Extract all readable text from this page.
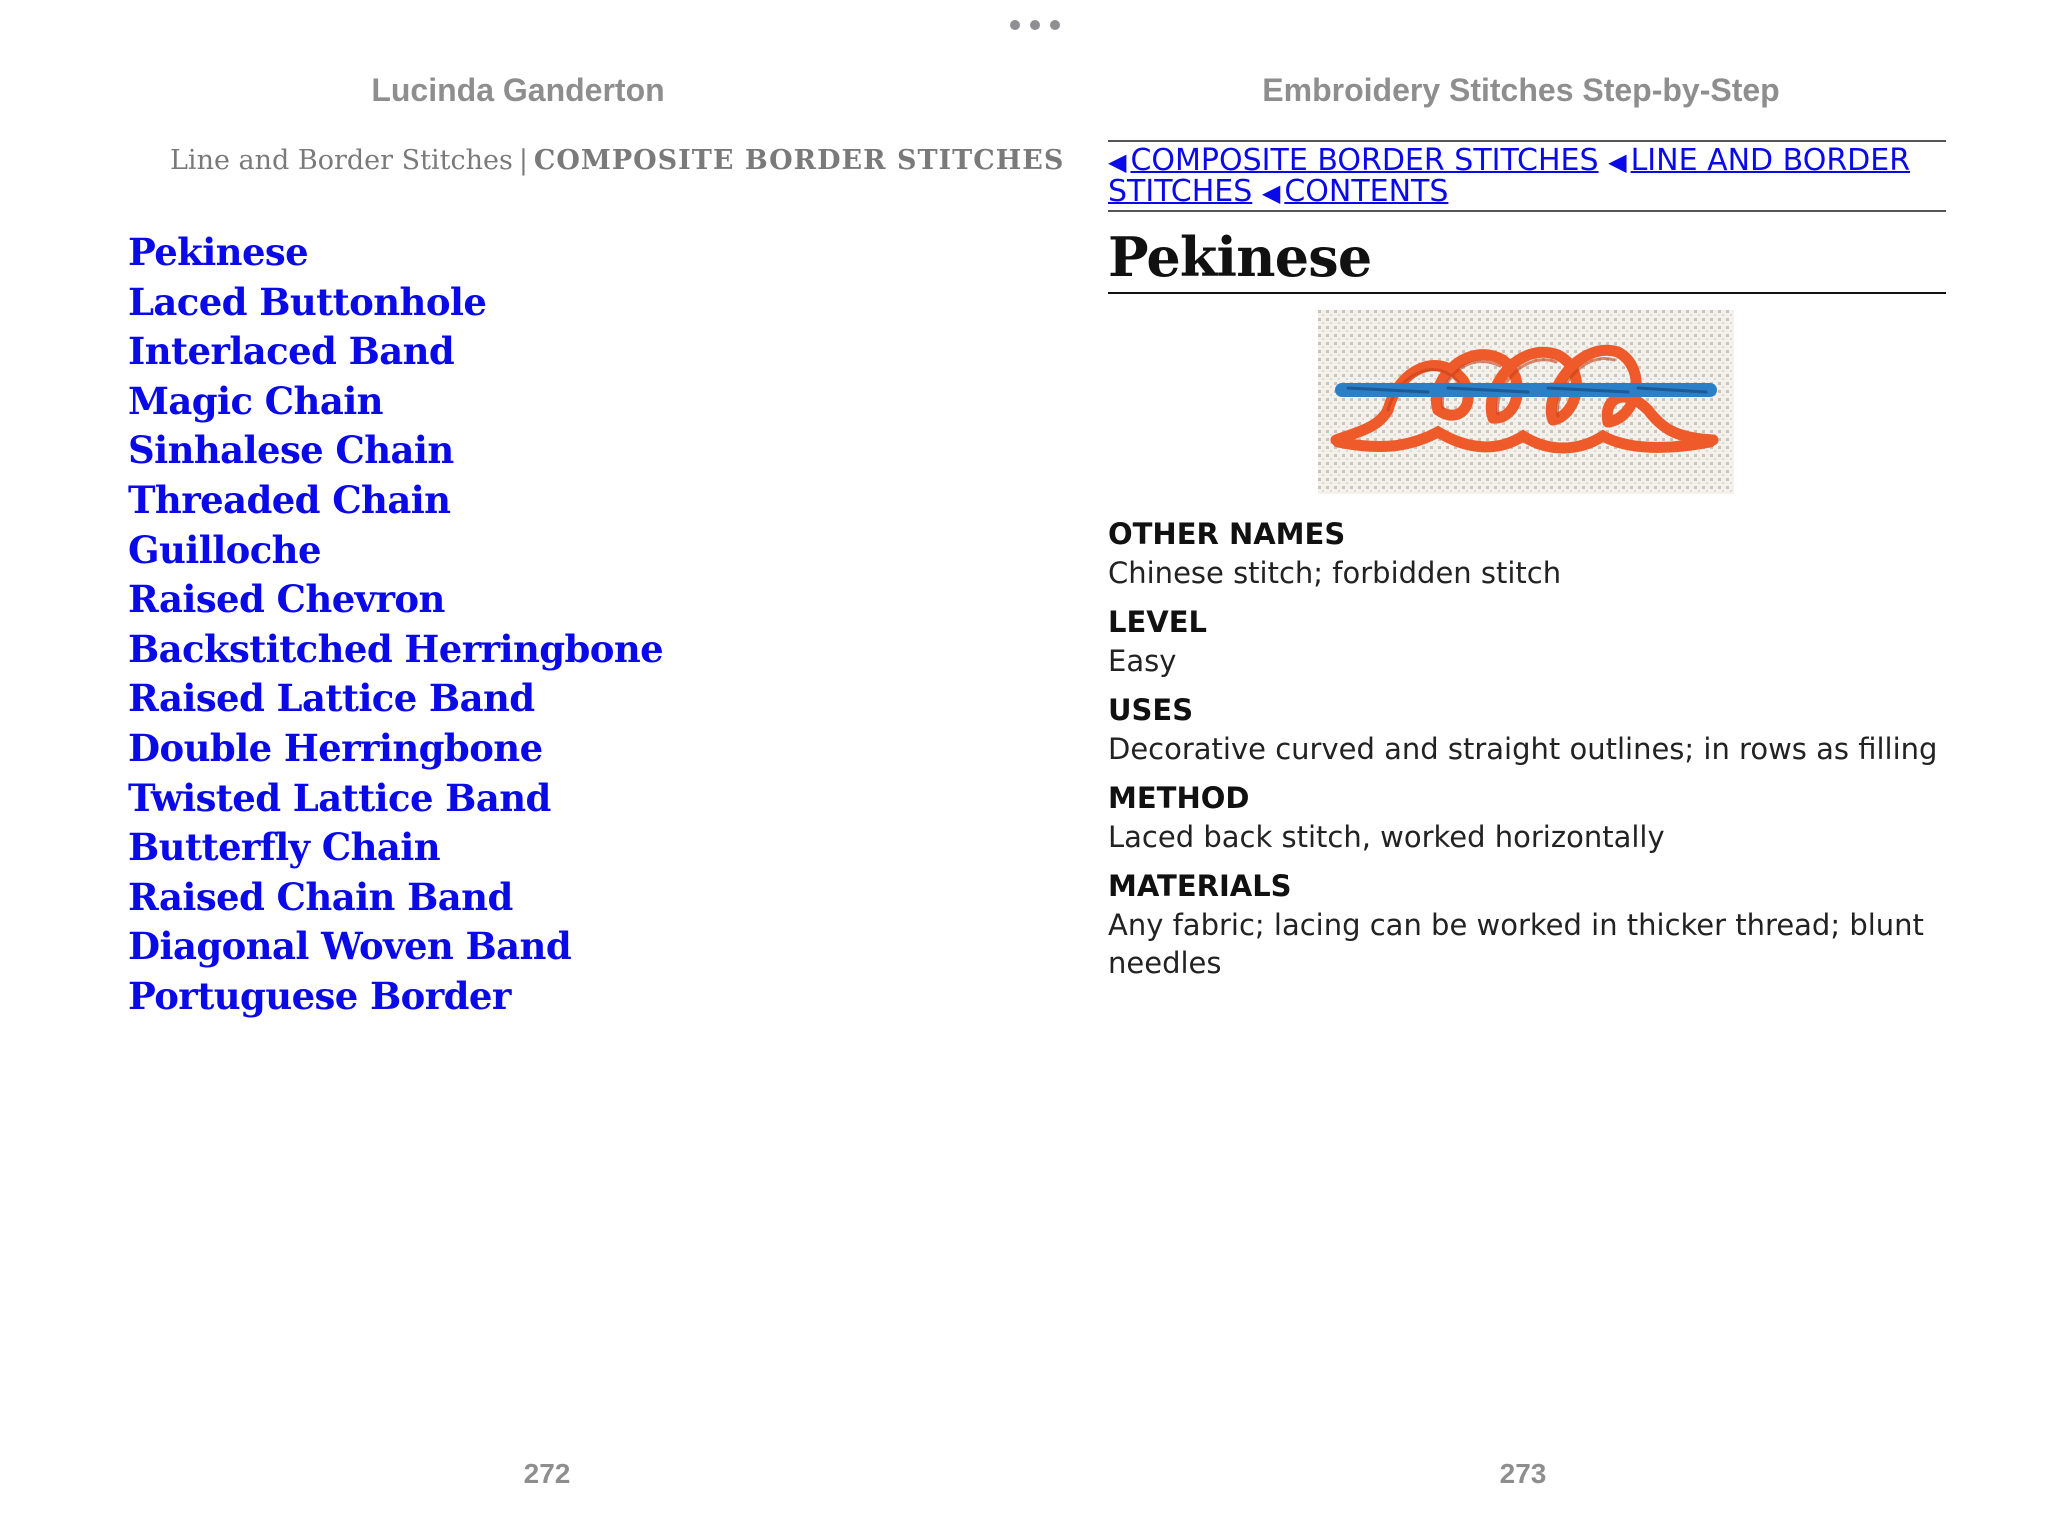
Lucinda Ganderton
Line and Border Stitches | COMPOSITE BORDER STITCHES
Pekinese
Laced Buttonhole
Interlaced Band
Magic Chain
Sinhalese Chain
Threaded Chain
Guilloche
Raised Chevron
Backstitched Herringbone
Raised Lattice Band
Double Herringbone
Twisted Lattice Band
Butterfly Chain
Raised Chain Band
Diagonal Woven Band
Portuguese Border
272
Embroidery Stitches Step-by-Step
◀ COMPOSITE BORDER STITCHES ◀ LINE AND BORDER STITCHES ◀ CONTENTS
Pekinese
OTHER NAMES
Chinese stitch; forbidden stitch
LEVEL
Easy
USES
Decorative curved and straight outlines; in rows as filling
METHOD
Laced back stitch, worked horizontally
MATERIALS
Any fabric; lacing can be worked in thicker thread; blunt needles
273
